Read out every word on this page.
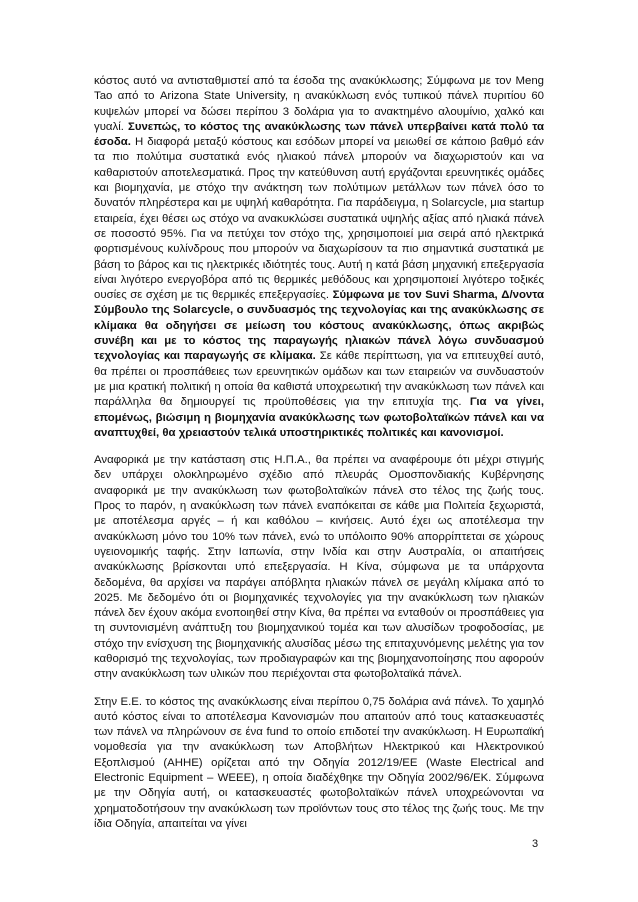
κόστος αυτό να αντισταθμιστεί από τα έσοδα της ανακύκλωσης; Σύμφωνα με τον Meng Tao από το Arizona State University, η ανακύκλωση ενός τυπικού πάνελ πυριτίου 60 κυψελών μπορεί να δώσει περίπου 3 δολάρια για το ανακτημένο αλουμίνιο, χαλκό και γυαλί. Συνεπώς, το κόστος της ανακύκλωσης των πάνελ υπερβαίνει κατά πολύ τα έσοδα. Η διαφορά μεταξύ κόστους και εσόδων μπορεί να μειωθεί σε κάποιο βαθμό εάν τα πιο πολύτιμα συστατικά ενός ηλιακού πάνελ μπορούν να διαχωριστούν και να καθαριστούν αποτελεσματικά. Προς την κατεύθυνση αυτή εργάζονται ερευνητικές ομάδες και βιομηχανία, με στόχο την ανάκτηση των πολύτιμων μετάλλων των πάνελ όσο το δυνατόν πληρέστερα και με υψηλή καθαρότητα. Για παράδειγμα, η Solarcycle, μια startup εταιρεία, έχει θέσει ως στόχο να ανακυκλώσει συστατικά υψηλής αξίας από ηλιακά πάνελ σε ποσοστό 95%. Για να πετύχει τον στόχο της, χρησιμοποιεί μια σειρά από ηλεκτρικά φορτισμένους κυλίνδρους που μπορούν να διαχωρίσουν τα πιο σημαντικά συστατικά με βάση το βάρος και τις ηλεκτρικές ιδιότητές τους. Αυτή η κατά βάση μηχανική επεξεργασία είναι λιγότερο ενεργοβόρα από τις θερμικές μεθόδους και χρησιμοποιεί λιγότερο τοξικές ουσίες σε σχέση με τις θερμικές επεξεργασίες. Σύμφωνα με τον Suvi Sharma, Δ/νοντα Σύμβουλο της Solarcycle, ο συνδυασμός της τεχνολογίας και της ανακύκλωσης σε κλίμακα θα οδηγήσει σε μείωση του κόστους ανακύκλωσης, όπως ακριβώς συνέβη και με το κόστος της παραγωγής ηλιακών πάνελ λόγω συνδυασμού τεχνολογίας και παραγωγής σε κλίμακα. Σε κάθε περίπτωση, για να επιτευχθεί αυτό, θα πρέπει οι προσπάθειες των ερευνητικών ομάδων και των εταιρειών να συνδυαστούν με μια κρατική πολιτική η οποία θα καθιστά υποχρεωτική την ανακύκλωση των πάνελ και παράλληλα θα δημιουργεί τις προϋποθέσεις για την επιτυχία της. Για να γίνει, επομένως, βιώσιμη η βιομηχανία ανακύκλωσης των φωτοβολταϊκών πάνελ και να αναπτυχθεί, θα χρειαστούν τελικά υποστηρικτικές πολιτικές και κανονισμοί.

Αναφορικά με την κατάσταση στις Η.Π.Α., θα πρέπει να αναφέρουμε ότι μέχρι στιγμής δεν υπάρχει ολοκληρωμένο σχέδιο από πλευράς Ομοσπονδιακής Κυβέρνησης αναφορικά με την ανακύκλωση των φωτοβολταϊκών πάνελ στο τέλος της ζωής τους. Προς το παρόν, η ανακύκλωση των πάνελ εναπόκειται σε κάθε μια Πολιτεία ξεχωριστά, με αποτέλεσμα αργές – ή και καθόλου – κινήσεις. Αυτό έχει ως αποτέλεσμα την ανακύκλωση μόνο του 10% των πάνελ, ενώ το υπόλοιπο 90% απορρίπτεται σε χώρους υγειονομικής ταφής. Στην Ιαπωνία, στην Ινδία και στην Αυστραλία, οι απαιτήσεις ανακύκλωσης βρίσκονται υπό επεξεργασία. Η Κίνα, σύμφωνα με τα υπάρχοντα δεδομένα, θα αρχίσει να παράγει απόβλητα ηλιακών πάνελ σε μεγάλη κλίμακα από το 2025. Με δεδομένο ότι οι βιομηχανικές τεχνολογίες για την ανακύκλωση των ηλιακών πάνελ δεν έχουν ακόμα ενοποιηθεί στην Κίνα, θα πρέπει να ενταθούν οι προσπάθειες για τη συντονισμένη ανάπτυξη του βιομηχανικού τομέα και των αλυσίδων τροφοδοσίας, με στόχο την ενίσχυση της βιομηχανικής αλυσίδας μέσω της επιταχυνόμενης μελέτης για τον καθορισμό της τεχνολογίας, των προδιαγραφών και της βιομηχανοποίησης που αφορούν στην ανακύκλωση των υλικών που περιέχονται στα φωτοβολταϊκά πάνελ.

Στην Ε.Ε. το κόστος της ανακύκλωσης είναι περίπου 0,75 δολάρια ανά πάνελ. Το χαμηλό αυτό κόστος είναι το αποτέλεσμα Κανονισμών που απαιτούν από τους κατασκευαστές των πάνελ να πληρώνουν σε ένα fund το οποίο επιδοτεί την ανακύκλωση. Η Ευρωπαϊκή νομοθεσία για την ανακύκλωση των Αποβλήτων Ηλεκτρικού και Ηλεκτρονικού Εξοπλισμού (ΑΗΗΕ) ορίζεται από την Οδηγία 2012/19/ΕΕ (Waste Electrical and Electronic Equipment – WEEE), η οποία διαδέχθηκε την Οδηγία 2002/96/ΕΚ. Σύμφωνα με την Οδηγία αυτή, οι κατασκευαστές φωτοβολταϊκών πάνελ υποχρεώνονται να χρηματοδοτήσουν την ανακύκλωση των προϊόντων τους στο τέλος της ζωής τους. Με την ίδια Οδηγία, απαιτείται να γίνει

3
